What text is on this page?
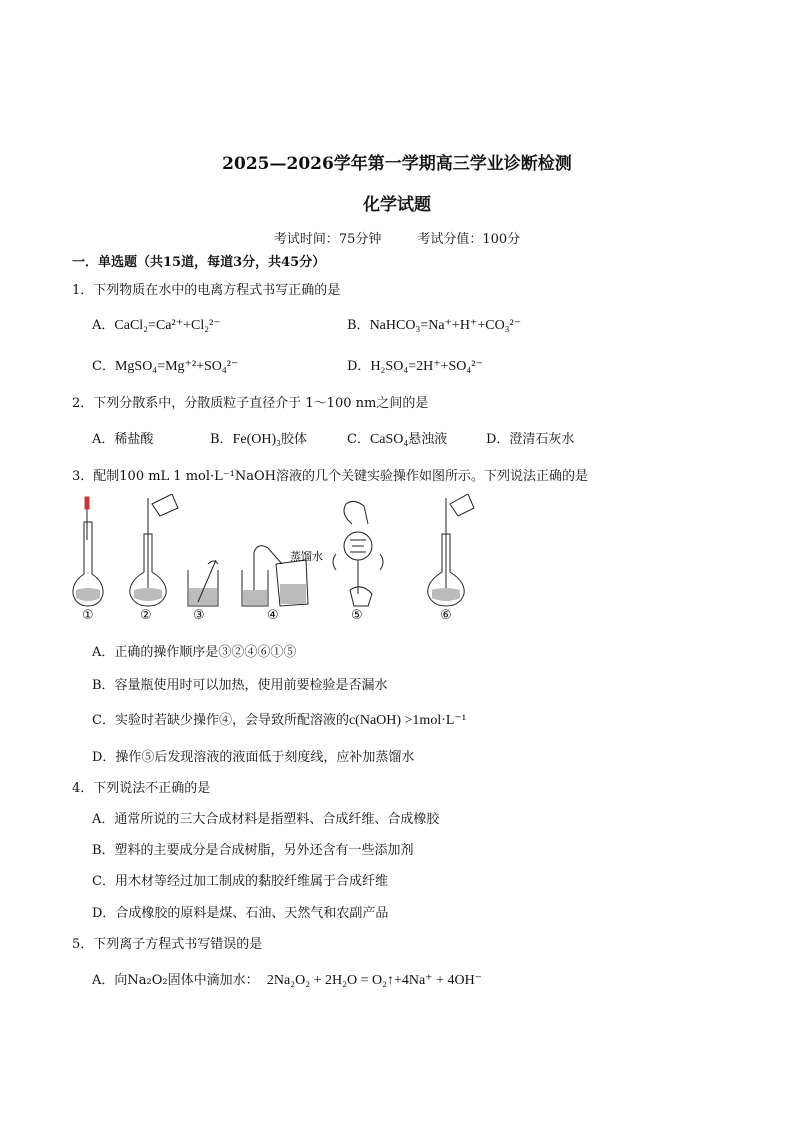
2025—2026学年第一学期高三学业诊断检测
化学试题
考试时间：75分钟	考试分值：100分
一．单选题（共15道，每道3分，共45分）
1．下列物质在水中的电离方程式书写正确的是
A．CaCl₂=Ca²⁺+Cl₂²⁻	B．NaHCO₃=Na⁺+H⁺+CO₃²⁻
C．MgSO₄=Mg⁺²+SO₄²⁻	D．H₂SO₄=2H⁺+SO₄²⁻
2．下列分散系中，分散质粒子直径介于 1～100 nm之间的是
A．稀盐酸	B．Fe(OH)₃胶体	C．CaSO₄悬浊液	D．澄清石灰水
3．配制100 mL 1 mol·L⁻¹NaOH溶液的几个关键实验操作如图所示。下列说法正确的是
蒸馏水
①	②	③	④	⑤	⑥
A．正确的操作顺序是③②④⑥①⑤
B．容量瓶使用时可以加热，使用前要检验是否漏水
C．实验时若缺少操作④，会导致所配溶液的c(NaOH) >1mol·L⁻¹
D．操作⑤后发现溶液的液面低于刻度线，应补加蒸馏水
4．下列说法不正确的是
A．通常所说的三大合成材料是指塑料、合成纤维、合成橡胶
B．塑料的主要成分是合成树脂，另外还含有一些添加剂
C．用木材等经过加工制成的黏胶纤维属于合成纤维
D．合成橡胶的原料是煤、石油、天然气和农副产品
5．下列离子方程式书写错误的是
A．向Na₂O₂固体中滴加水： 2Na₂O₂ + 2H₂O = O₂↑+4Na⁺ + 4OH⁻
